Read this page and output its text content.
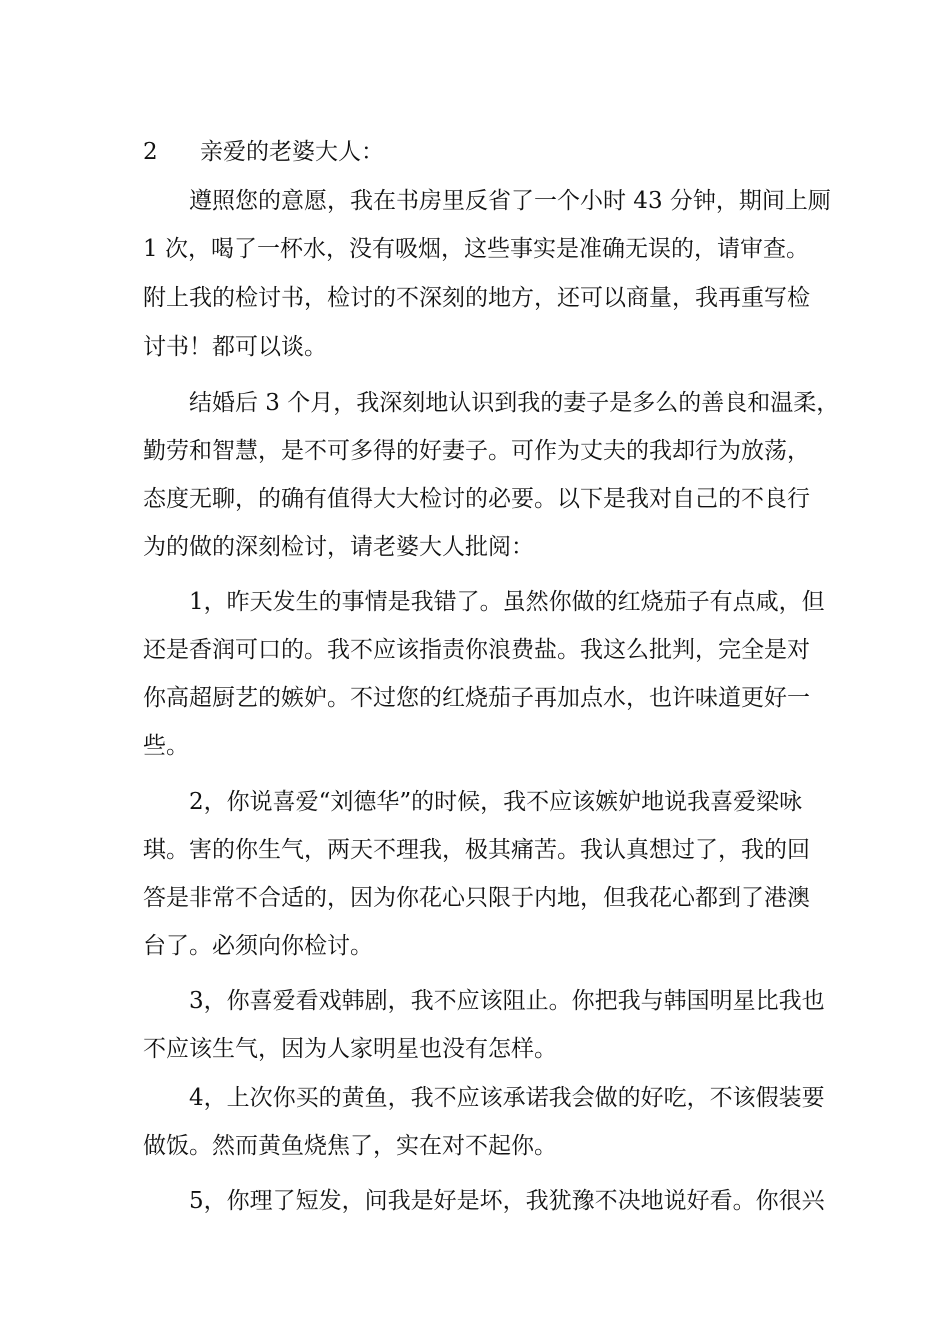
2 亲爱的老婆大人：
　　遵照您的意愿，我在书房里反省了一个小时 43 分钟，期间上厕
1 次，喝了一杯水，没有吸烟，这些事实是准确无误的，请审查。
附上我的检讨书，检讨的不深刻的地方，还可以商量，我再重写检
讨书！都可以谈。
　　结婚后 3 个月，我深刻地认识到我的妻子是多么的善良和温柔，
勤劳和智慧，是不可多得的好妻子。可作为丈夫的我却行为放荡，
态度无聊，的确有值得大大检讨的必要。以下是我对自己的不良行
为的做的深刻检讨，请老婆大人批阅：
　　1，昨天发生的事情是我错了。虽然你做的红烧茄子有点咸，但
还是香润可口的。我不应该指责你浪费盐。我这么批判，完全是对
你高超厨艺的嫉妒。不过您的红烧茄子再加点水，也许味道更好一
些。
　　2，你说喜爱“刘德华”的时候，我不应该嫉妒地说我喜爱梁咏
琪。害的你生气，两天不理我，极其痛苦。我认真想过了，我的回
答是非常不合适的，因为你花心只限于内地，但我花心都到了港澳
台了。必须向你检讨。
　　3，你喜爱看戏韩剧，我不应该阻止。你把我与韩国明星比我也
不应该生气，因为人家明星也没有怎样。
　　4，上次你买的黄鱼，我不应该承诺我会做的好吃，不该假装要
做饭。然而黄鱼烧焦了，实在对不起你。
　　5，你理了短发，问我是好是坏，我犹豫不决地说好看。你很兴
